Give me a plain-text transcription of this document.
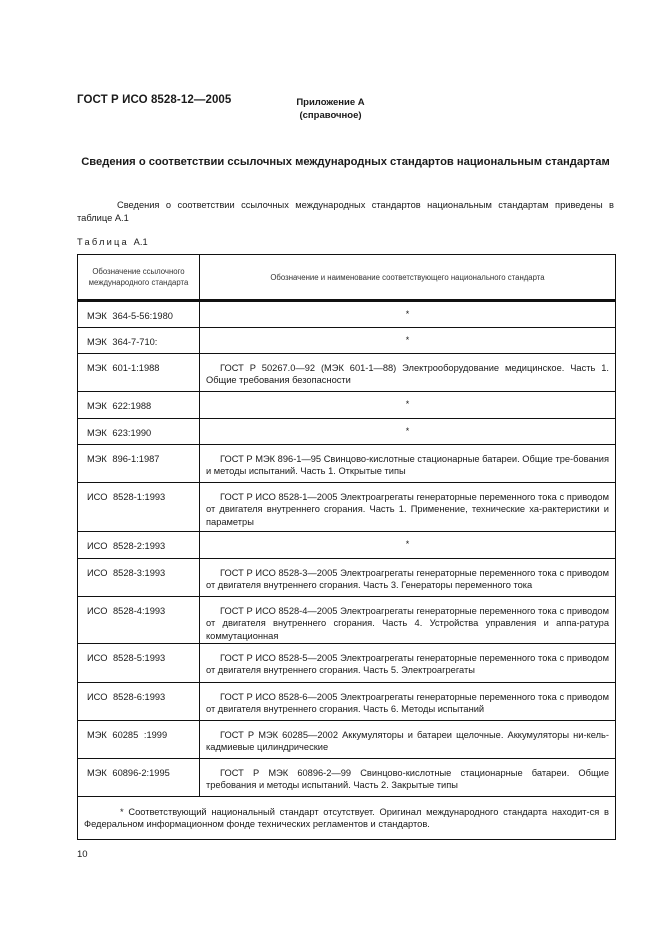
ГОСТ Р ИСО 8528-12—2005	Приложение А
(справочное)
Сведения о соответствии ссылочных международных стандартов национальным стандартам
Сведения о соответствии ссылочных международных стандартов национальным стандартам приведены в таблице А.1
Таблица А.1
Обозначение ссылочного международного стандарта	Обозначение и наименование соответствующего национального стандарта
МЭК 364-5-56:1980	*
МЭК 364-7-710:	*
МЭК 601-1:1988	ГОСТ Р 50267.0—92 (МЭК 601-1—88) Электрооборудование медицинское. Часть 1. Общие требования безопасности

МЭК 622:1988	*
МЭК 623:1990	*
МЭК 896-1:1987	ГОСТ Р МЭК 896-1—95 Свинцово-кислотные стационарные батареи. Общие тре-бования и методы испытаний. Часть 1. Открытые типы

ИСО 8528-1:1993	ГОСТ Р ИСО 8528-1—2005 Электроагрегаты генераторные переменного тока с приводом от двигателя внутреннего сгорания. Часть 1. Применение, технические ха-рактеристики и параметры

ИСО 8528-2:1993	*
ИСО 8528-3:1993	ГОСТ Р ИСО 8528-3—2005 Электроагрегаты генераторные переменного тока с приводом от двигателя внутреннего сгорания. Часть 3. Генераторы переменного тока

ИСО 8528-4:1993	ГОСТ Р ИСО 8528-4—2005 Электроагрегаты генераторные переменного тока с приводом от двигателя внутреннего сгорания. Часть 4. Устройства управления и аппа-ратура коммутационная

ИСО 8528-5:1993	ГОСТ Р ИСО 8528-5—2005 Электроагрегаты генераторные переменного тока с приводом от двигателя внутреннего сгорания. Часть 5. Электроагрегаты

ИСО 8528-6:1993	ГОСТ Р ИСО 8528-6—2005 Электроагрегаты генераторные переменного тока с приводом от двигателя внутреннего сгорания. Часть 6. Методы испытаний

МЭК 60285 :1999	ГОСТ Р МЭК 60285—2002 Аккумуляторы и батареи щелочные. Аккумуляторы ни-кель-кадмиевые цилиндрические

МЭК 60896-2:1995	ГОСТ Р МЭК 60896-2—99 Свинцово-кислотные стационарные батареи. Общие требования и методы испытаний. Часть 2. Закрытые типы

* Соответствующий национальный стандарт отсутствует. Оригинал международного стандарта находит-ся в Федеральном информационном фонде технических регламентов и стандартов.	
10
